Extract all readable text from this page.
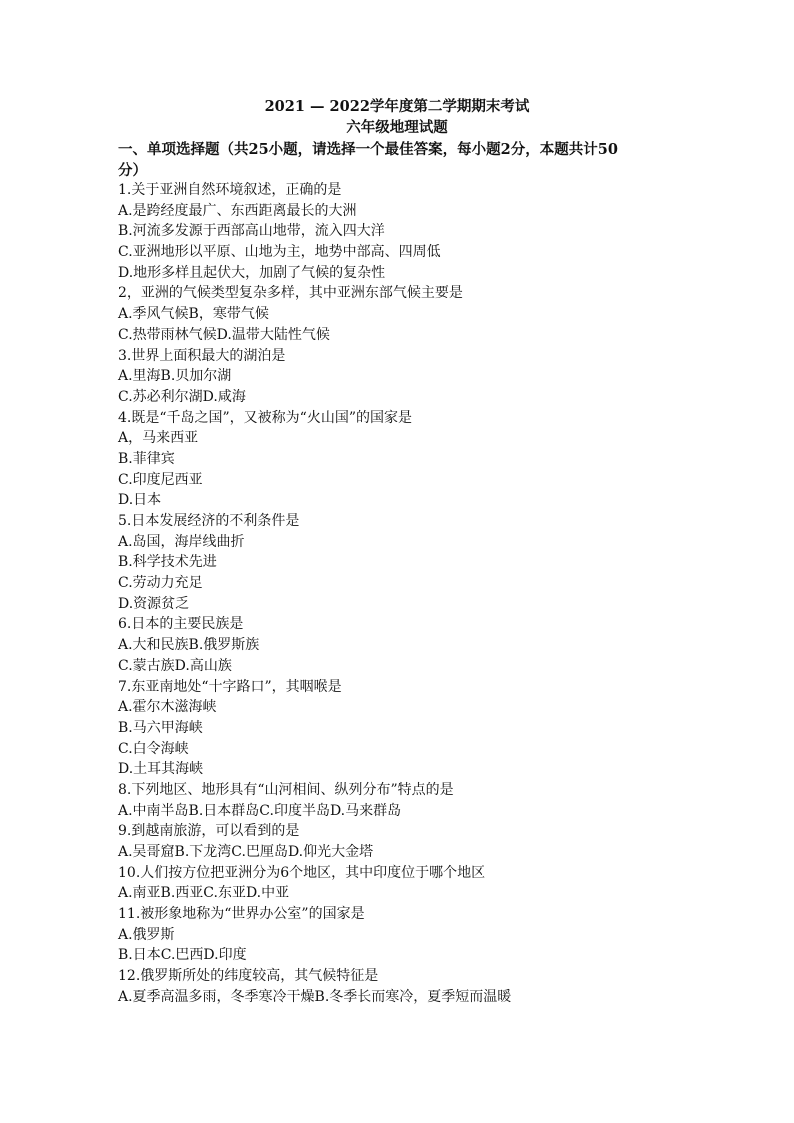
2021 — 2022学年度第二学期期末考试
六年级地理试题
一、单项选择题（共25小题，请选择一个最佳答案，每小题2分，本题共计50
分）
1.关于亚洲自然环境叙述，正确的是
A.是跨经度最广、东西距离最长的大洲
B.河流多发源于西部高山地带，流入四大洋
C.亚洲地形以平原、山地为主，地势中部高、四周低
D.地形多样且起伏大，加剧了气候的复杂性
2，亚洲的气候类型复杂多样，其中亚洲东部气候主要是
A.季风气候B，寒带气候
C.热带雨林气候D.温带大陆性气候
3.世界上面积最大的湖泊是
A.里海B.贝加尔湖
C.苏必利尔湖D.咸海
4.既是“千岛之国”，又被称为“火山国”的国家是
A，马来西亚
B.菲律宾
C.印度尼西亚
D.日本
5.日本发展经济的不利条件是
A.岛国，海岸线曲折
B.科学技术先进
C.劳动力充足
D.资源贫乏
6.日本的主要民族是
A.大和民族B.俄罗斯族
C.蒙古族D.高山族
7.东亚南地处“十字路口”，其咽喉是
A.霍尔木滋海峡
B.马六甲海峡
C.白令海峡
D.土耳其海峡
8.下列地区、地形具有“山河相间、纵列分布”特点的是
A.中南半岛B.日本群岛C.印度半岛D.马来群岛
9.到越南旅游，可以看到的是
A.吴哥窟B.下龙湾C.巴厘岛D.仰光大金塔
10.人们按方位把亚洲分为6个地区，其中印度位于哪个地区
A.南亚B.西亚C.东亚D.中亚
11.被形象地称为“世界办公室”的国家是
A.俄罗斯
B.日本C.巴西D.印度
12.俄罗斯所处的纬度较高，其气候特征是
A.夏季高温多雨，冬季寒冷干燥B.冬季长而寒冷，夏季短而温暖
